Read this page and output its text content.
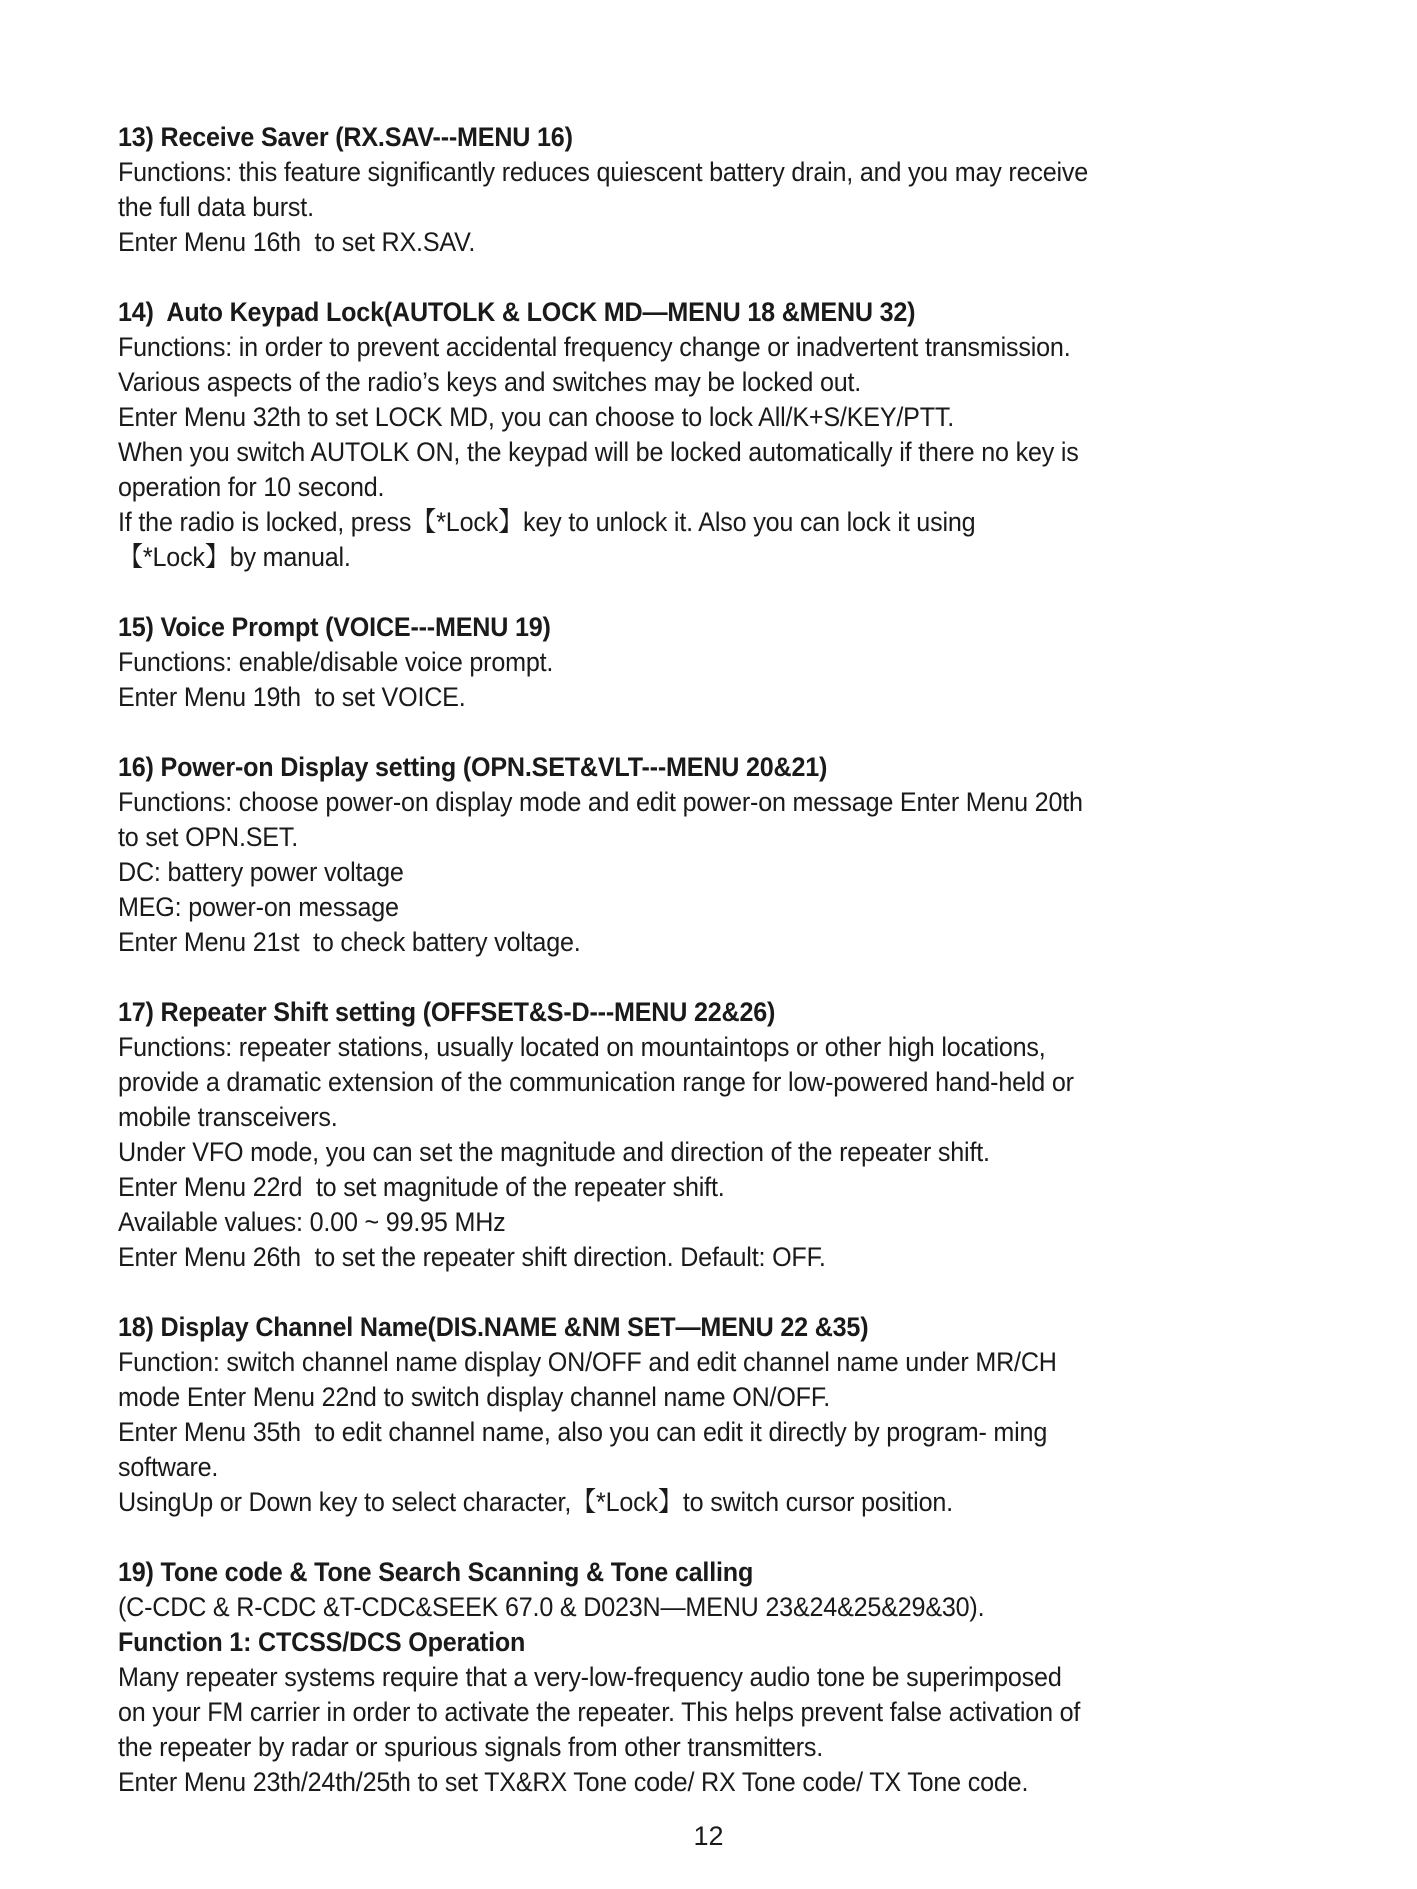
13) Receive Saver (RX.SAV---MENU 16)
Functions: this feature significantly reduces quiescent battery drain, and you may receive
the full data burst.
Enter Menu 16th  to set RX.SAV.
14)  Auto Keypad Lock(AUTOLK & LOCK MD—MENU 18 &MENU 32)
Functions: in order to prevent accidental frequency change or inadvertent transmission.
Various aspects of the radio’s keys and switches may be locked out.
Enter Menu 32th to set LOCK MD, you can choose to lock All/K+S/KEY/PTT.
When you switch AUTOLK ON, the keypad will be locked automatically if there no key is
operation for 10 second.
If the radio is locked, press【*Lock】key to unlock it. Also you can lock it using
【*Lock】by manual.
15) Voice Prompt (VOICE---MENU 19)
Functions: enable/disable voice prompt.
Enter Menu 19th  to set VOICE.
16) Power-on Display setting (OPN.SET&VLT---MENU 20&21)
Functions: choose power-on display mode and edit power-on message Enter Menu 20th
to set OPN.SET.
DC: battery power voltage
MEG: power-on message
Enter Menu 21st  to check battery voltage.
17) Repeater Shift setting (OFFSET&S-D---MENU 22&26)
Functions: repeater stations, usually located on mountaintops or other high locations,
provide a dramatic extension of the communication range for low-powered hand-held or
mobile transceivers.
Under VFO mode, you can set the magnitude and direction of the repeater shift.
Enter Menu 22rd  to set magnitude of the repeater shift.
Available values: 0.00 ~ 99.95 MHz
Enter Menu 26th  to set the repeater shift direction. Default: OFF.
18) Display Channel Name(DIS.NAME &NM SET—MENU 22 &35)
Function: switch channel name display ON/OFF and edit channel name under MR/CH
mode Enter Menu 22nd to switch display channel name ON/OFF.
Enter Menu 35th  to edit channel name, also you can edit it directly by program- ming
software.
UsingUp or Down key to select character,【*Lock】to switch cursor position.
19) Tone code & Tone Search Scanning & Tone calling
(C-CDC & R-CDC &T-CDC&SEEK 67.0 & D023N—MENU 23&24&25&29&30).
Function 1: CTCSS/DCS Operation
Many repeater systems require that a very-low-frequency audio tone be superimposed
on your FM carrier in order to activate the repeater. This helps prevent false activation of
the repeater by radar or spurious signals from other transmitters.
Enter Menu 23th/24th/25th to set TX&RX Tone code/ RX Tone code/ TX Tone code.
12
